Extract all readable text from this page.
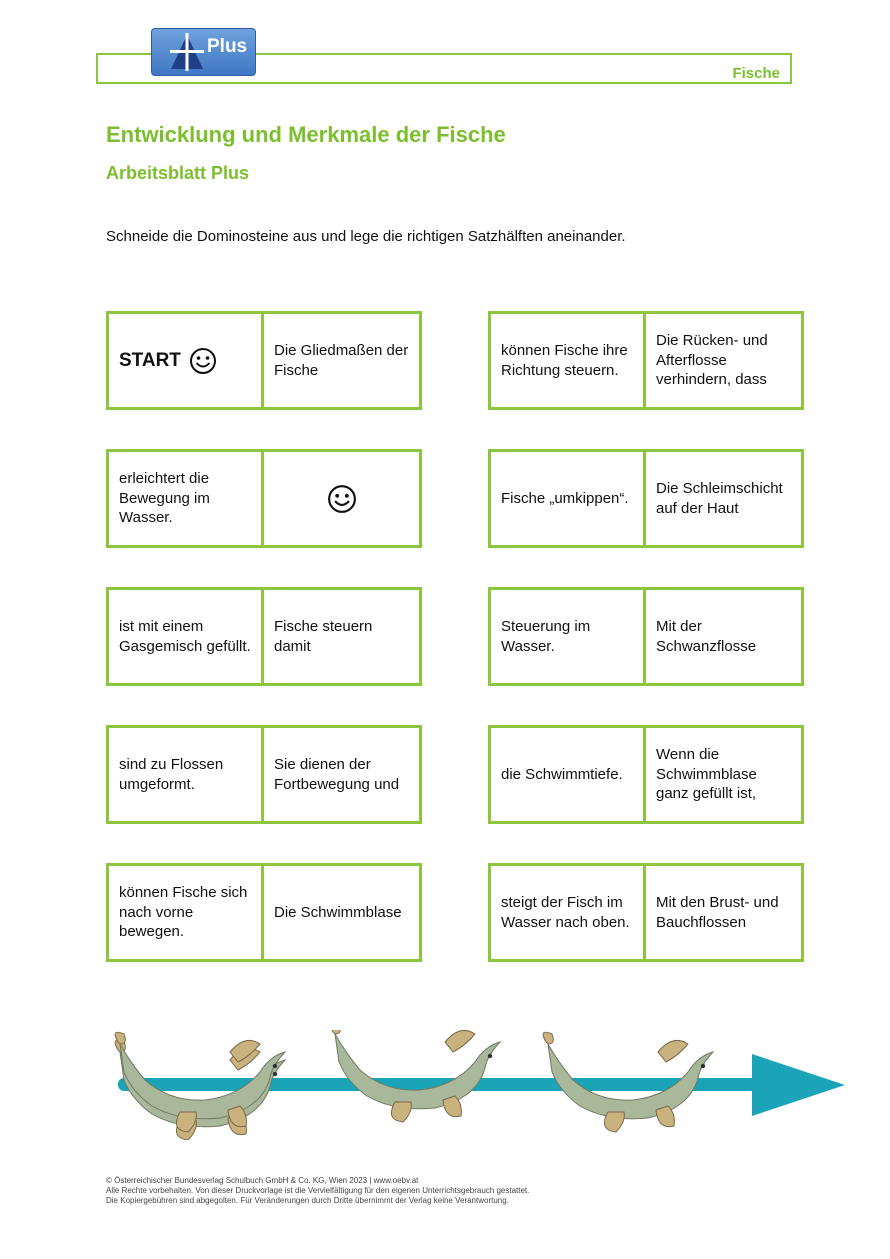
Fische
Plus
Entwicklung und Merkmale der Fische
Arbeitsblatt Plus
Schneide die Dominosteine aus und lege die richtigen Satzhälften aneinander.
START	Die Gliedmaßen der Fische
erleichtert die Bewegung im Wasser.
ist mit einem Gasgemisch gefüllt.
Fische steuern damit
sind zu Flossen umgeformt.
Sie dienen der Fortbewegung und
können Fische sich nach vorne bewegen.
Die Schwimmblase
können Fische ihre Richtung steuern.
Die Rücken- und Afterflosse verhindern, dass
Fische „umkippen“.
Die Schleimschicht auf der Haut
Steuerung im Wasser.
Mit der Schwanzflosse
die Schwimmtiefe.
Wenn die Schwimmblase ganz gefüllt ist,
steigt der Fisch im Wasser nach oben.
Mit den Brust- und Bauchflossen
© Österreichischer Bundesverlag Schulbuch GmbH & Co. KG, Wien 2023 | www.oebv.at
Alle Rechte vorbehalten. Von dieser Druckvorlage ist die Vervielfältigung für den eigenen Unterrichtsgebrauch gestattet.
Die Kopiergebühren sind abgegolten. Für Veränderungen durch Dritte übernimmt der Verlag keine Verantwortung.
